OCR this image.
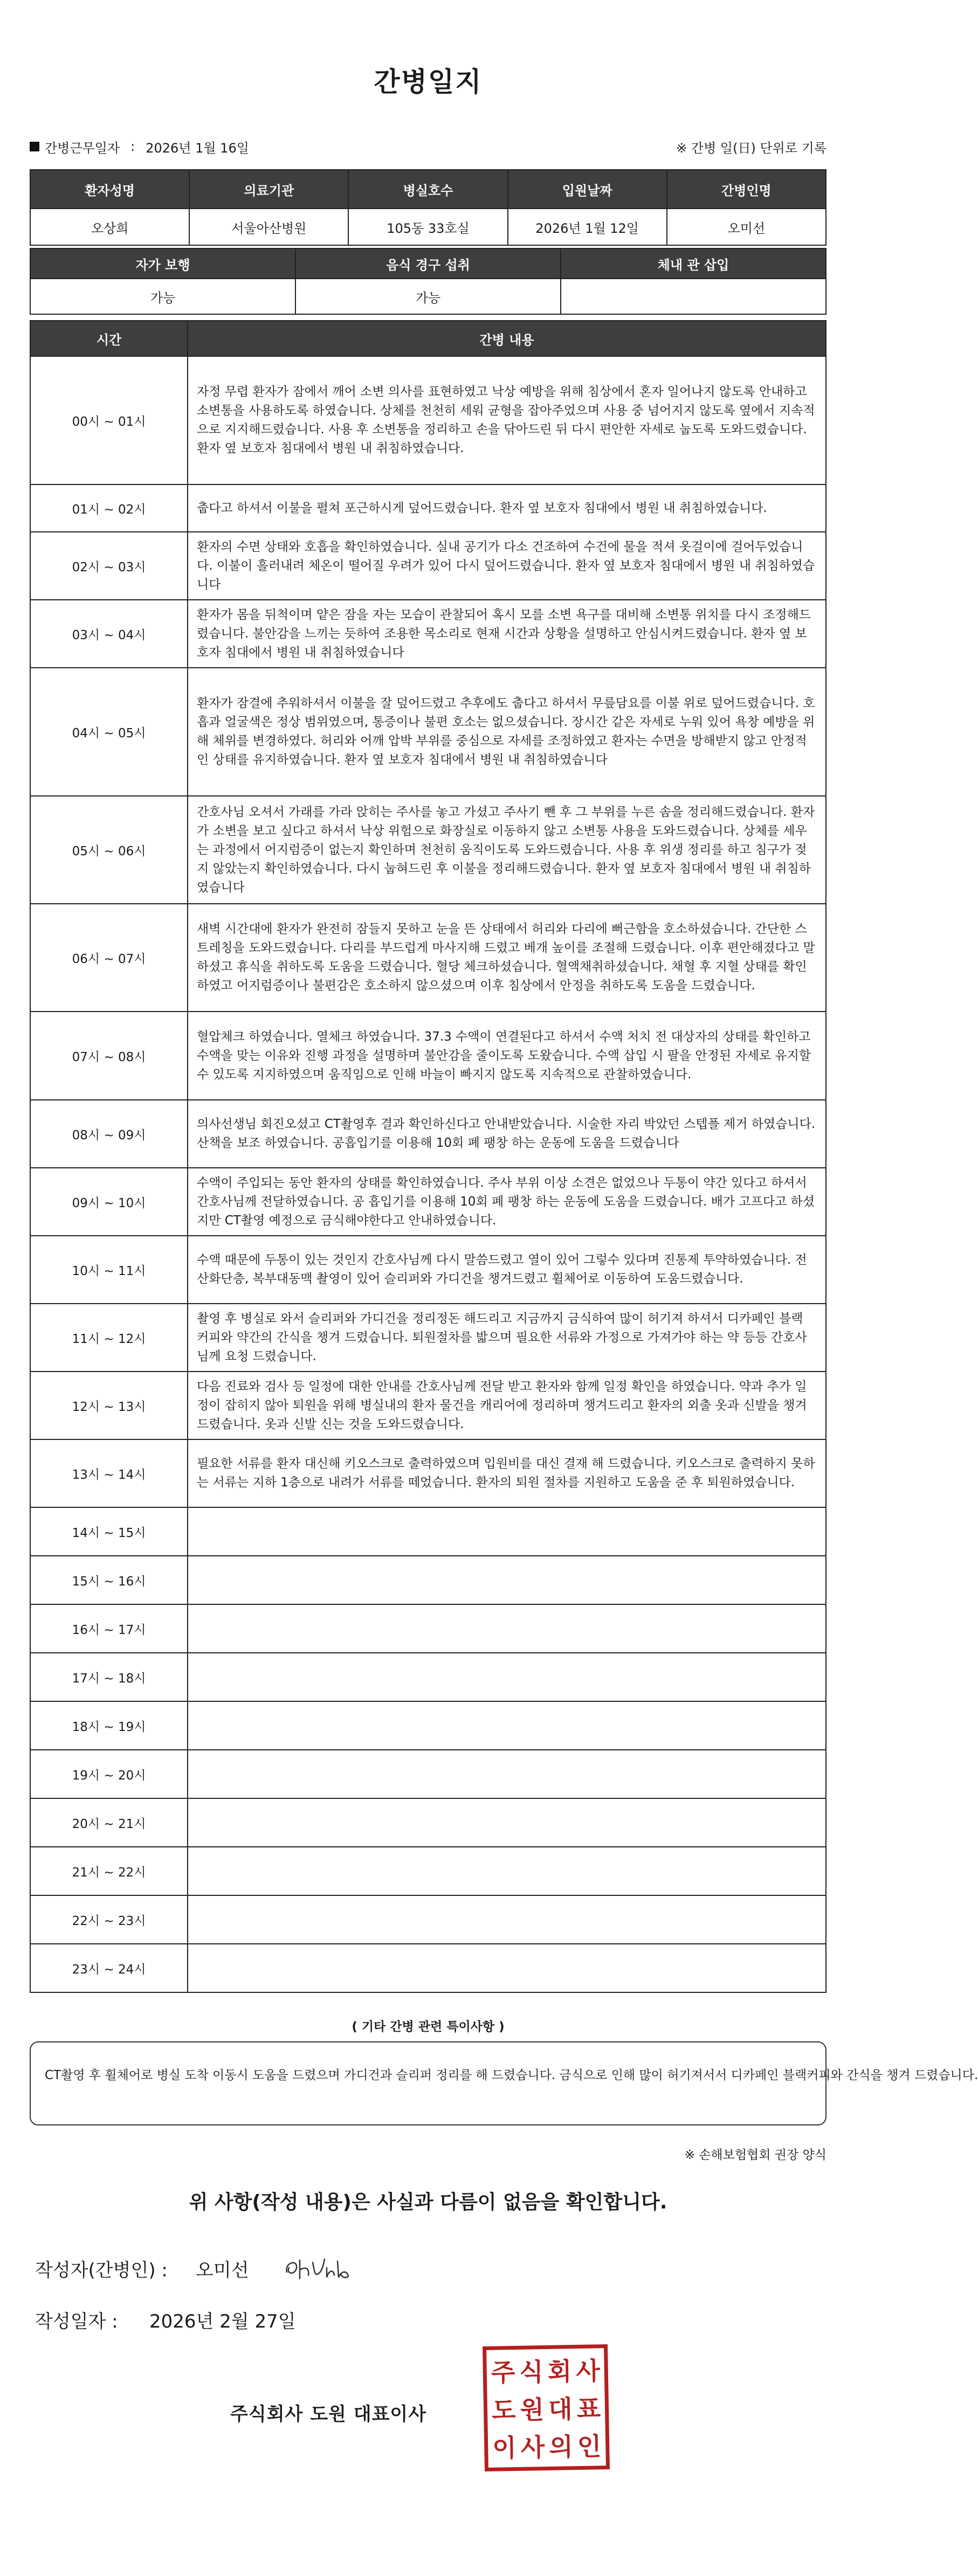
간병일지
간병근무일자 : 2026년 1월 16일	※ 간병 일(日) 단위로 기록
환자성명	의료기관	병실호수	입원날짜	간병인명
오상희	서울아산병원	105동 33호실	2026년 1월 12일	오미선
자가 보행	음식 경구 섭취	체내 관 삽입
가능	가능	
시간	간병 내용
00시 ~ 01시	자정 무렵 환자가 잠에서 깨어 소변 의사를 표현하였고 낙상 예방을 위해 침상에서 혼자 일어나지 않도록 안내하고 소변통을 사용하도록 하였습니다. 상체를 천천히 세워 균형을 잡아주었으며 사용 중 넘어지지 않도록 옆에서 지속적으로 지지해드렸습니다. 사용 후 소변통을 정리하고 손을 닦아드린 뒤 다시 편안한 자세로 눕도록 도와드렸습니다.환자 옆 보호자 침대에서 병원 내 취침하였습니다.
01시 ~ 02시	춥다고 하셔서 이불을 펼쳐 포근하시게 덮어드렸습니다. 환자 옆 보호자 침대에서 병원 내 취침하였습니다.
02시 ~ 03시	환자의 수면 상태와 호흡을 확인하였습니다. 실내 공기가 다소 건조하여 수건에 물을 적셔 옷걸이에 걸어두었습니다. 이불이 흘러내려 체온이 떨어질 우려가 있어 다시 덮어드렸습니다. 환자 옆 보호자 침대에서 병원 내 취침하였습니다
03시 ~ 04시	환자가 몸을 뒤척이며 얕은 잠을 자는 모습이 관찰되어 혹시 모를 소변 욕구를 대비해 소변통 위치를 다시 조정해드렸습니다. 불안감을 느끼는 듯하여 조용한 목소리로 현재 시간과 상황을 설명하고 안심시켜드렸습니다. 환자 옆 보호자 침대에서 병원 내 취침하였습니다
04시 ~ 05시	환자가 잠결에 추워하셔서 이불을 잘 덮어드렸고 추후에도 춥다고 하셔서 무릎담요를 이불 위로 덮어드렸습니다. 호흡과 얼굴색은 정상 범위였으며, 통증이나 불편 호소는 없으셨습니다. 장시간 같은 자세로 누워 있어 욕창 예방을 위해 체위를 변경하였다. 허리와 어깨 압박 부위를 중심으로 자세를 조정하였고 환자는 수면을 방해받지 않고 안정적인 상태를 유지하였습니다. 환자 옆 보호자 침대에서 병원 내 취침하였습니다
05시 ~ 06시	간호사님 오셔서 가래를 가라 앉히는 주사를 놓고 가셨고 주사기 뺀 후 그 부위를 누른 솜을 정리해드렸습니다. 환자가 소변을 보고 싶다고 하셔서 낙상 위험으로 화장실로 이동하지 않고 소변통 사용을 도와드렸습니다. 상체를 세우는 과정에서 어지럼증이 없는지 확인하며 천천히 움직이도록 도와드렸습니다. 사용 후 위생 정리를 하고 침구가 젖지 않았는지 확인하였습니다. 다시 눕혀드린 후 이불을 정리해드렸습니다. 환자 옆 보호자 침대에서 병원 내 취침하였습니다
06시 ~ 07시	새벽 시간대에 환자가 완전히 잠들지 못하고 눈을 뜬 상태에서 허리와 다리에 뻐근함을 호소하셨습니다. 간단한 스트레칭을 도와드렸습니다. 다리를 부드럽게 마사지해 드렸고 베개 높이를 조절해 드렸습니다. 이후 편안해졌다고 말하셨고 휴식을 취하도록 도움을 드렸습니다. 혈당 체크하셨습니다. 혈액채취하셨습니다. 채혈 후 지혈 상태를 확인하였고 어지럼증이나 불편감은 호소하지 않으셨으며 이후 침상에서 안정을 취하도록 도움을 드렸습니다.
07시 ~ 08시	혈압체크 하였습니다. 열체크 하였습니다. 37.3 수액이 연결된다고 하셔서 수액 처치 전 대상자의 상태를 확인하고 수액을 맞는 이유와 진행 과정을 설명하며 불안감을 줄이도록 도왔습니다. 수액 삽입 시 팔을 안정된 자세로 유지할 수 있도록 지지하였으며 움직임으로 인해 바늘이 빠지지 않도록 지속적으로 관찰하였습니다.
08시 ~ 09시	의사선생님 회진오셨고 CT촬영후 결과 확인하신다고 안내받았습니다. 시술한 자리 박았던 스텝플 제거 하였습니다. 산책을 보조 하였습니다. 공흡입기를 이용해 10회 폐 팽창 하는 운동에 도움을 드렸습니다
09시 ~ 10시	수액이 주입되는 동안 환자의 상태를 확인하였습니다. 주사 부위 이상 소견은 없었으나 두통이 약간 있다고 하셔서 간호사님께 전달하였습니다. 공 흡입기를 이용해 10회 폐 팽창 하는 운동에 도움을 드렸습니다. 배가 고프다고 하셨지만 CT촬영 예정으로 금식해야한다고 안내하였습니다.
10시 ~ 11시	수액 때문에 두통이 있는 것인지 간호사님께 다시 말씀드렸고 열이 있어 그렇수 있다며 진통제 투약하였습니다. 전산화단층, 복부대동맥 촬영이 있어 슬리퍼와 가디건을 챙겨드렸고 휠체어로 이동하여 도움드렸습니다.
11시 ~ 12시	촬영 후 병실로 와서 슬리퍼와 가디건을 정리정돈 해드리고 지금까지 금식하여 많이 허기져 하셔서 디카페인 블랙 커피와 약간의 간식을 챙겨 드렸습니다. 퇴원절차를 밟으며 필요한 서류와 가정으로 가져가야 하는 약 등등 간호사님께 요청 드렸습니다.
12시 ~ 13시	다음 진료와 검사 등 일정에 대한 안내를 간호사님께 전달 받고 환자와 함께 일정 확인을 하였습니다. 약과 추가 일정이 잡히지 않아 퇴원을 위해 병실내의 환자 물건을 캐리어에 정리하며 챙겨드리고 환자의 외출 옷과 신발을 챙겨드렸습니다. 옷과 신발 신는 것을 도와드렸습니다.
13시 ~ 14시	필요한 서류를 환자 대신해 키오스크로 출력하였으며 입원비를 대신 결재 해 드렸습니다. 키오스크로 출력하지 못하는 서류는 지하 1층으로 내려가 서류를 떼었습니다. 환자의 퇴원 절차를 지원하고 도움을 준 후 퇴원하였습니다.
14시 ~ 15시	
15시 ~ 16시	
16시 ~ 17시	
17시 ~ 18시	
18시 ~ 19시	
19시 ~ 20시	
20시 ~ 21시	
21시 ~ 22시	
22시 ~ 23시	
23시 ~ 24시	
( 기타 간병 관련 특이사항 )
CT촬영 후 휠체어로 병실 도착 이동시 도움을 드렸으며 가디건과 슬리퍼 정리를 해 드렸습니다. 금식으로 인해 많이 허기져서서 디카페인 블랙커피와 간식을 챙겨 드렸습니다.
※ 손해보험협회 권장 양식
위 사항(작성 내용)은 사실과 다름이 없음을 확인합니다.
작성자(간병인) :	오미선
작성일자 :	2026년 2월 27일
주식회사 도원 대표이사
주 식 회 사
도 원 대 표
이 사 의 인
